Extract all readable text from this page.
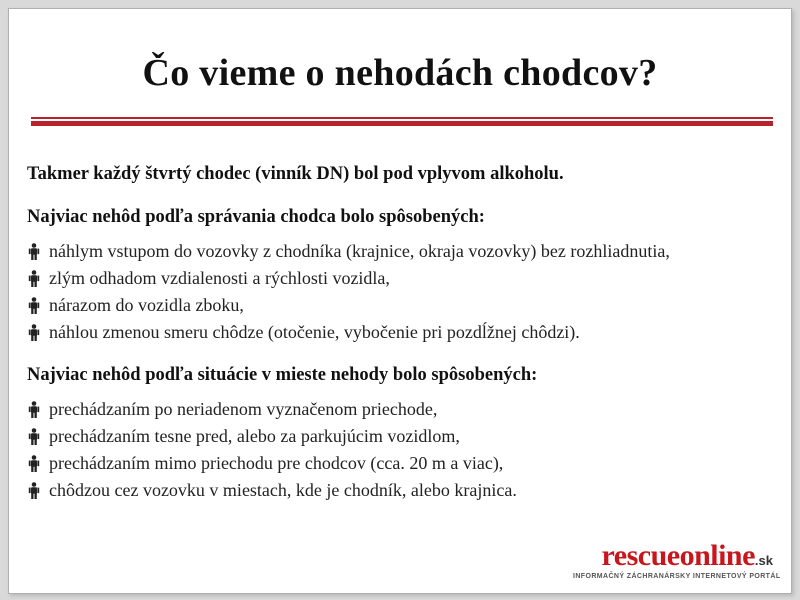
Čo vieme o nehodách chodcov?

Takmer každý štvrtý chodec (vinník DN) bol pod vplyvom alkoholu.

Najviac nehôd podľa správania chodca bolo spôsobených:

náhlym vstupom do vozovky z chodníka (krajnice, okraja vozovky) bez rozhliadnutia,
zlým odhadom vzdialenosti a rýchlosti vozidla,
nárazom do vozidla zboku,
náhlou zmenou smeru chôdze (otočenie, vybočenie pri pozdĺžnej chôdzi).

Najviac nehôd podľa situácie v mieste nehody bolo spôsobených:

prechádzaním po neriadenom vyznačenom priechode,
prechádzaním tesne pred, alebo za parkujúcim vozidlom,
prechádzaním mimo priechodu pre chodcov (cca. 20 m a viac),
chôdzou cez vozovku v miestach, kde je chodník, alebo krajnica.
rescueonline.sk
INFORMAČNÝ ZÁCHRANÁRSKY INTERNETOVÝ PORTÁL
